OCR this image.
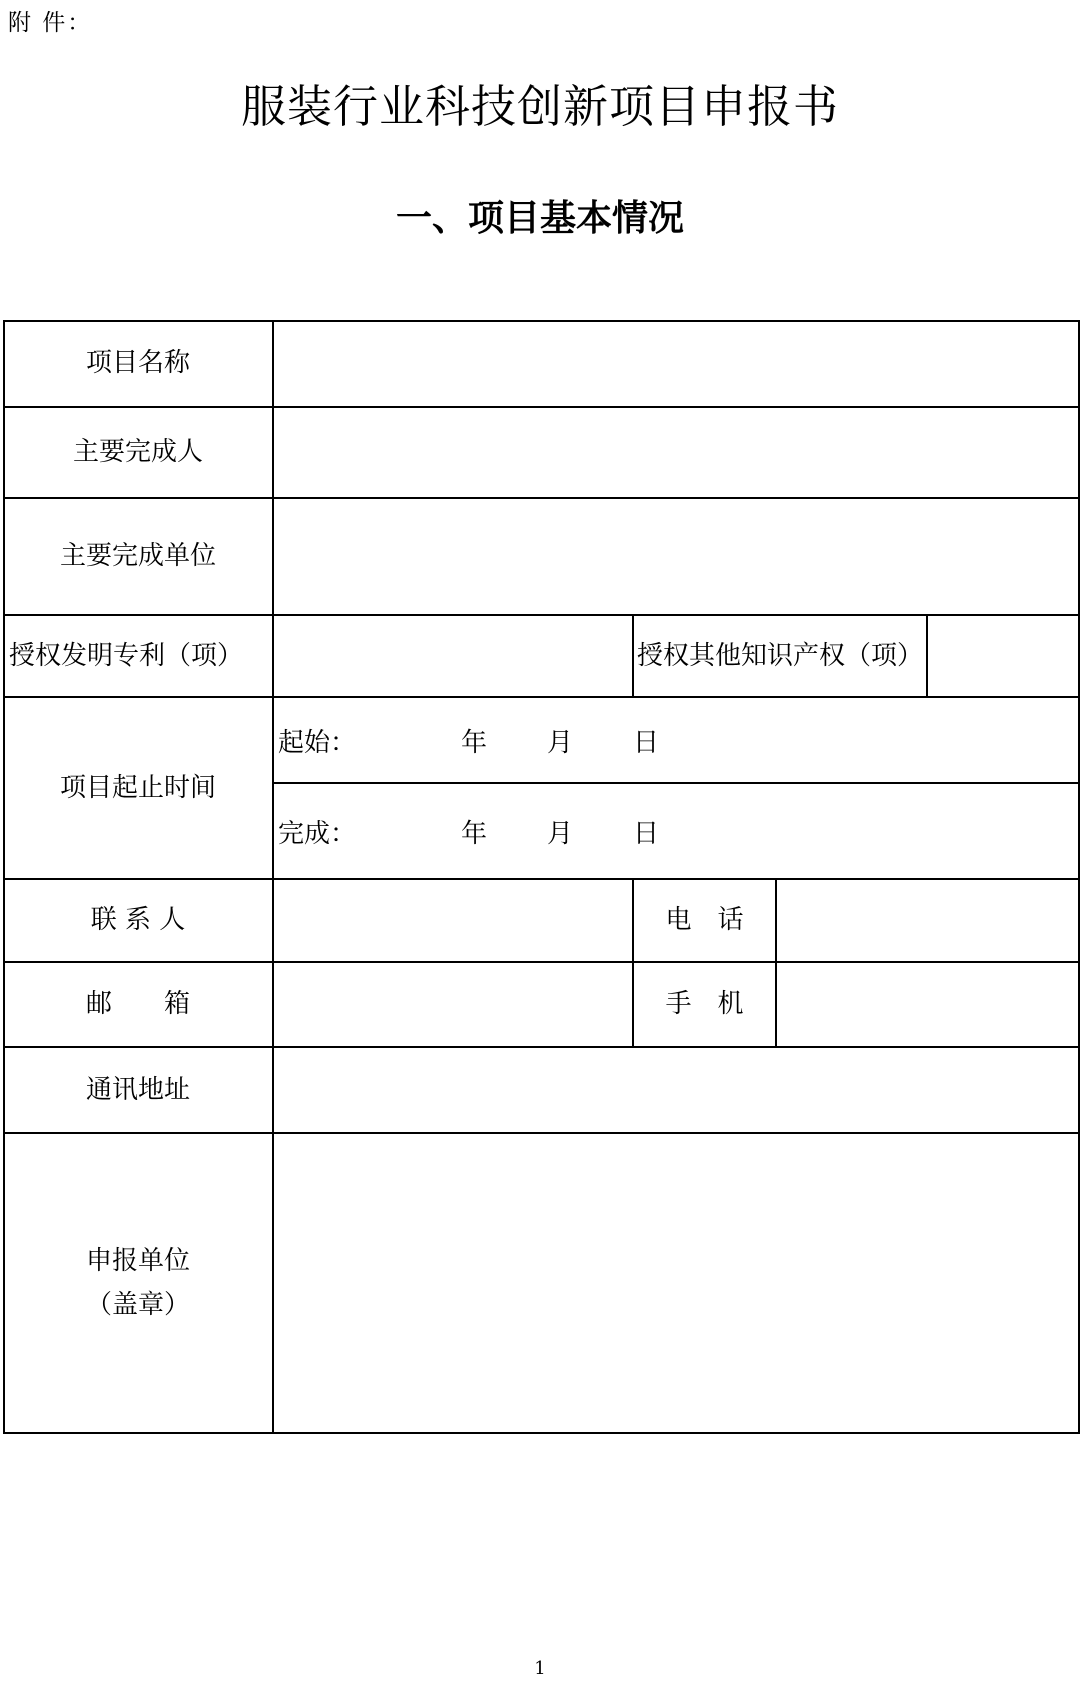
附 件：
服装行业科技创新项目申报书
一、项目基本情况
项目名称
主要完成人
主要完成单位
授权发明专利（项）	授权其他知识产权（项）
项目起止时间
起始：	年 月 日
完成：	年 月 日
联 系 人	电　话
邮　　箱	手　机
通讯地址
申报单位
（盖章）
1
